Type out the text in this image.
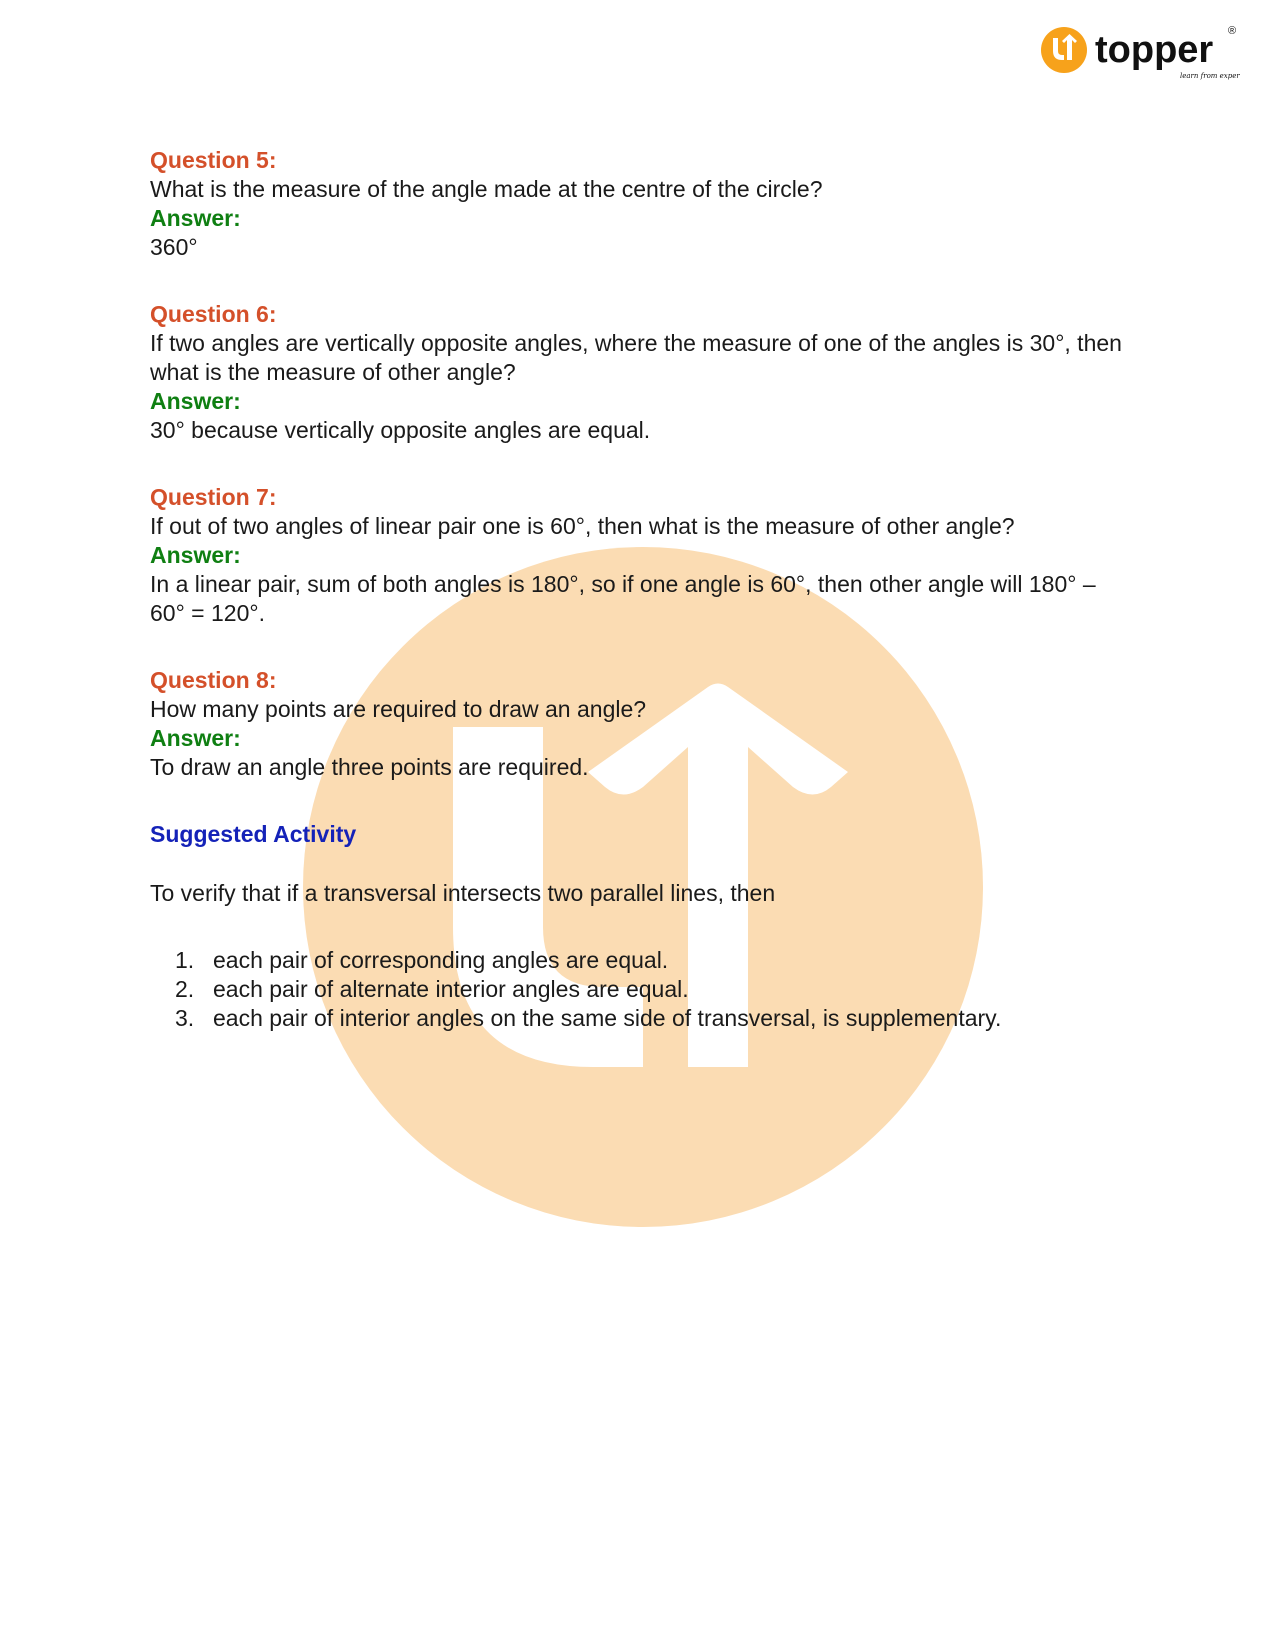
topper ®
learn from experts
Question 5:

What is the measure of the angle made at the centre of the circle?

Answer:

360°

Question 6:

If two angles are vertically opposite angles, where the measure of one of the angles is 30°, then what is the measure of other angle?

Answer:

30° because vertically opposite angles are equal.

Question 7:

If out of two angles of linear pair one is 60°, then what is the measure of other angle?

Answer:

In a linear pair, sum of both angles is 180°, so if one angle is 60°, then other angle will 180° – 60° = 120°.

Question 8:

How many points are required to draw an angle?

Answer:

To draw an angle three points are required.

Suggested Activity

To verify that if a transversal intersects two parallel lines, then

1. each pair of corresponding angles are equal.
2. each pair of alternate interior angles are equal.
3. each pair of interior angles on the same side of transversal, is supplementary.
